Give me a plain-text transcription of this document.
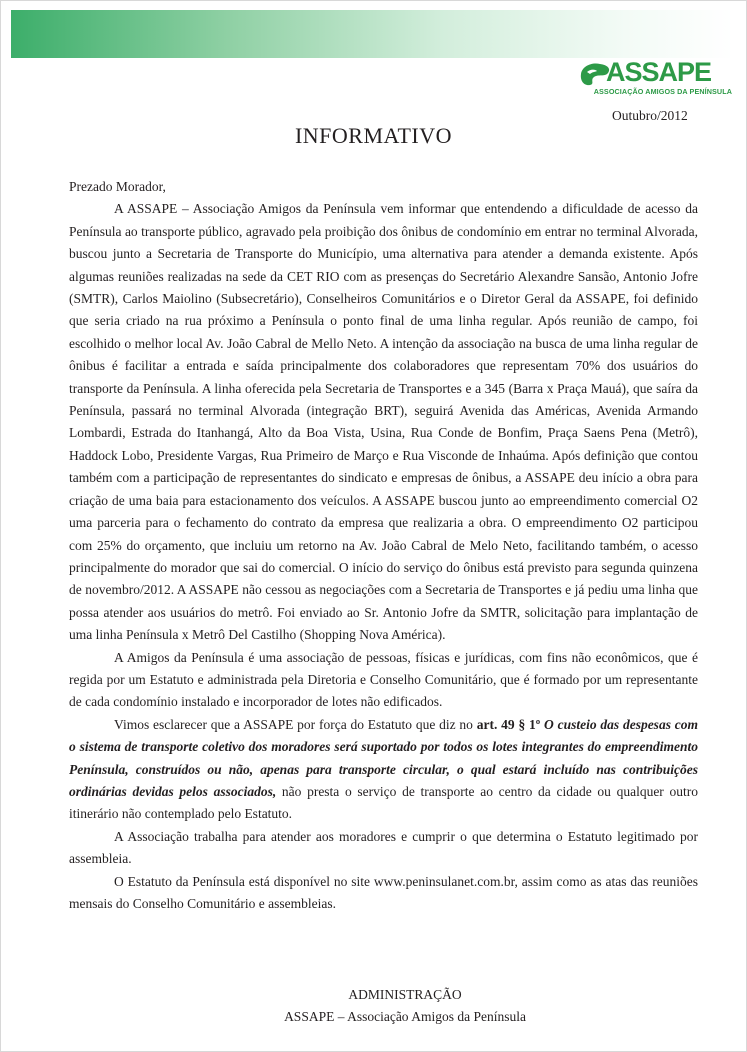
ASSAPE
ASSOCIAÇÃO AMIGOS DA PENÍNSULA
Outubro/2012
INFORMATIVO

Prezado Morador,

A ASSAPE – Associação Amigos da Península vem informar que entendendo a dificuldade de acesso da Península ao transporte público, agravado pela proibição dos ônibus de condomínio em entrar no terminal Alvorada, buscou junto a Secretaria de Transporte do Município, uma alternativa para atender a demanda existente. Após algumas reuniões realizadas na sede da CET RIO com as presenças do Secretário Alexandre Sansão, Antonio Jofre (SMTR), Carlos Maiolino (Subsecretário), Conselheiros Comunitários e o Diretor Geral da ASSAPE, foi definido que seria criado na rua próximo a Península o ponto final de uma linha regular. Após reunião de campo, foi escolhido o melhor local Av. João Cabral de Mello Neto. A intenção da associação na busca de uma linha regular de ônibus é facilitar a entrada e saída principalmente dos colaboradores que representam 70% dos usuários do transporte da Península. A linha oferecida pela Secretaria de Transportes e a 345 (Barra x Praça Mauá), que saíra da Península, passará no terminal Alvorada (integração BRT), seguirá Avenida das Américas, Avenida Armando Lombardi, Estrada do Itanhangá, Alto da Boa Vista, Usina, Rua Conde de Bonfim, Praça Saens Pena (Metrô), Haddock Lobo, Presidente Vargas, Rua Primeiro de Março e Rua Visconde de Inhaúma. Após definição que contou também com a participação de representantes do sindicato e empresas de ônibus, a ASSAPE deu início a obra para criação de uma baia para estacionamento dos veículos. A ASSAPE buscou junto ao empreendimento comercial O2 uma parceria para o fechamento do contrato da empresa que realizaria a obra. O empreendimento O2 participou com 25% do orçamento, que incluiu um retorno na Av. João Cabral de Melo Neto, facilitando também, o acesso principalmente do morador que sai do comercial. O início do serviço do ônibus está previsto para segunda quinzena de novembro/2012. A ASSAPE não cessou as negociações com a Secretaria de Transportes e já pediu uma linha que possa atender aos usuários do metrô. Foi enviado ao Sr. Antonio Jofre da SMTR, solicitação para implantação de uma linha Península x Metrô Del Castilho (Shopping Nova América).

A Amigos da Península é uma associação de pessoas, físicas e jurídicas, com fins não econômicos, que é regida por um Estatuto e administrada pela Diretoria e Conselho Comunitário, que é formado por um representante de cada condomínio instalado e incorporador de lotes não edificados.

Vimos esclarecer que a ASSAPE por força do Estatuto que diz no art. 49 § 1º O custeio das despesas com o sistema de transporte coletivo dos moradores será suportado por todos os lotes integrantes do empreendimento Península, construídos ou não, apenas para transporte circular, o qual estará incluído nas contribuições ordinárias devidas pelos associados, não presta o serviço de transporte ao centro da cidade ou qualquer outro itinerário não contemplado pelo Estatuto.

A Associação trabalha para atender aos moradores e cumprir o que determina o Estatuto legitimado por assembleia.

O Estatuto da Península está disponível no site www.peninsulanet.com.br, assim como as atas das reuniões mensais do Conselho Comunitário e assembleias.

ADMINISTRAÇÃO
ASSAPE – Associação Amigos da Península
